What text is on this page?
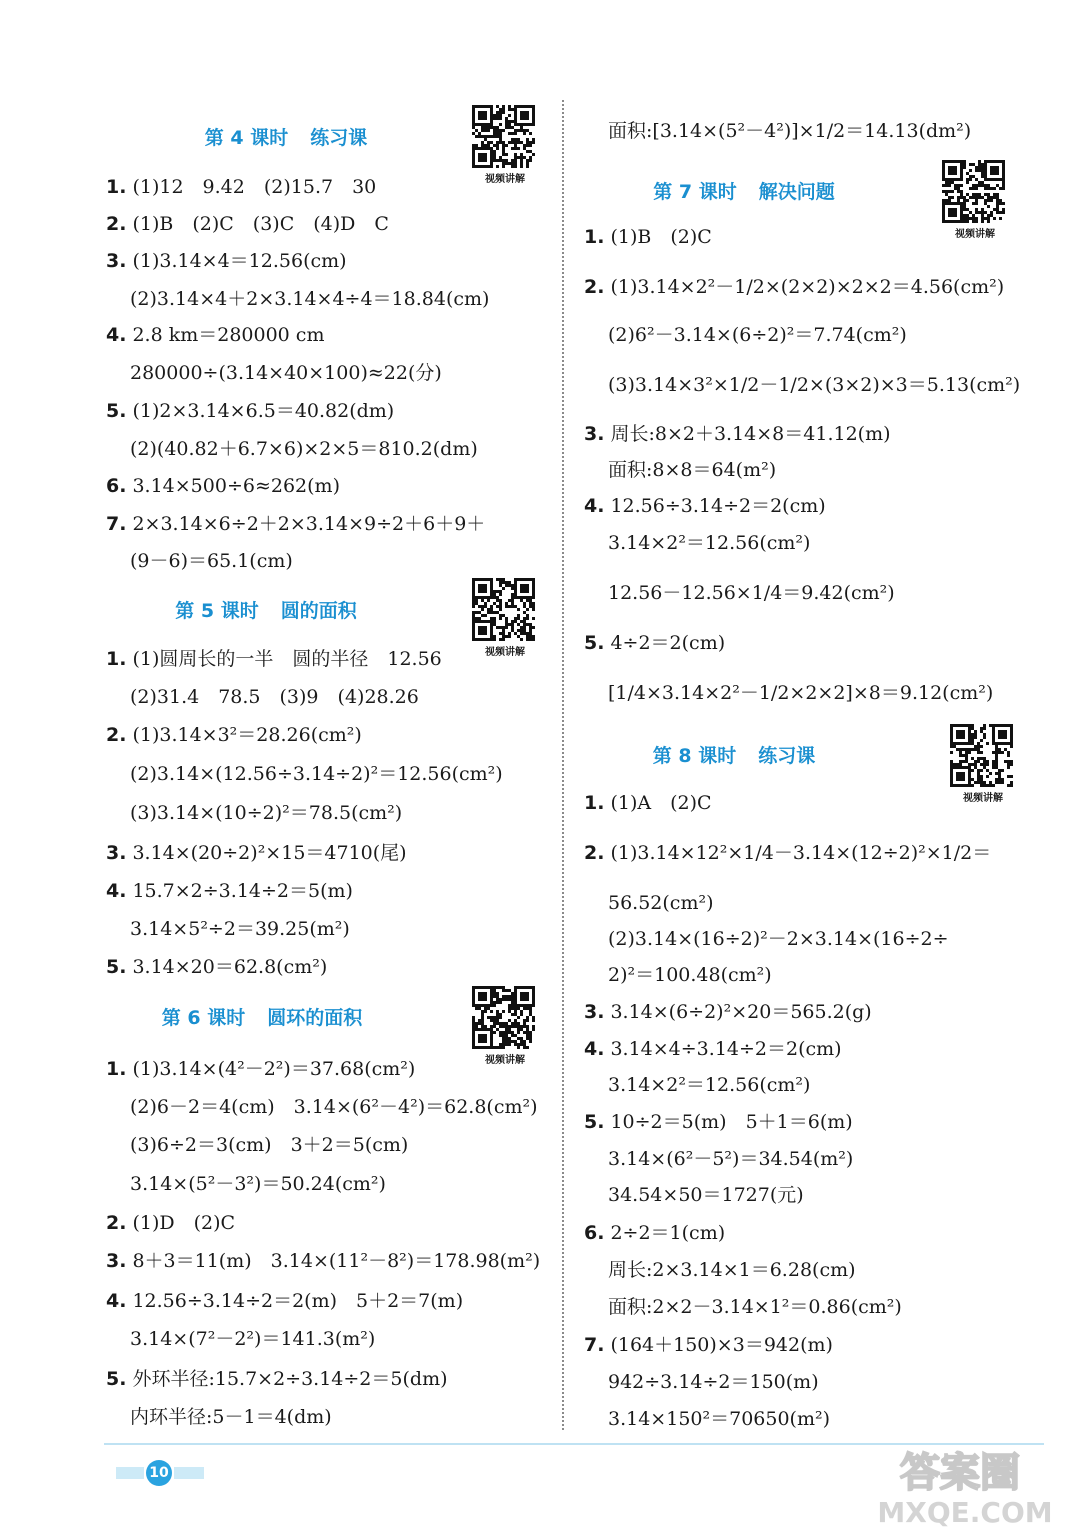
第 4 课时 练习课
1. (1)12　9.42　(2)15.7　30
2. (1)B　(2)C　(3)C　(4)D　C
3. (1)3.14×4＝12.56(cm)
(2)3.14×4＋2×3.14×4÷4＝18.84(cm)
4. 2.8 km＝280000 cm
280000÷(3.14×40×100)≈22(分)
5. (1)2×3.14×6.5＝40.82(dm)
(2)(40.82＋6.7×6)×2×5＝810.2(dm)
6. 3.14×500÷6≈262(m)
7. 2×3.14×6÷2＋2×3.14×9÷2＋6＋9＋
(9－6)＝65.1(cm)
第 5 课时 圆的面积
1. (1)圆周长的一半　圆的半径　12.56
(2)31.4　78.5　(3)9　(4)28.26
2. (1)3.14×3²＝28.26(cm²)
(2)3.14×(12.56÷3.14÷2)²＝12.56(cm²)
(3)3.14×(10÷2)²＝78.5(cm²)
3. 3.14×(20÷2)²×15＝4710(尾)
4. 15.7×2÷3.14÷2＝5(m)
3.14×5²÷2＝39.25(m²)
5. 3.14×20＝62.8(cm²)
第 6 课时 圆环的面积
1. (1)3.14×(4²－2²)＝37.68(cm²)
(2)6－2＝4(cm)　3.14×(6²－4²)＝62.8(cm²)
(3)6÷2＝3(cm)　3＋2＝5(cm)
3.14×(5²－3²)＝50.24(cm²)
2. (1)D　(2)C
3. 8＋3＝11(m)　3.14×(11²－8²)＝178.98(m²)
4. 12.56÷3.14÷2＝2(m)　5＋2＝7(m)
3.14×(7²－2²)＝141.3(m²)
5. 外环半径:15.7×2÷3.14÷2＝5(dm)
内环半径:5－1＝4(dm)
视频讲解
视频讲解
视频讲解
面积:[3.14×(5²－4²)]×1/2＝14.13(dm²)
第 7 课时 解决问题
1. (1)B　(2)C
2. (1)3.14×2²－1/2×(2×2)×2×2＝4.56(cm²)
(2)6²－3.14×(6÷2)²＝7.74(cm²)
(3)3.14×3²×1/2－1/2×(3×2)×3＝5.13(cm²)
3. 周长:8×2＋3.14×8＝41.12(m)
面积:8×8＝64(m²)
4. 12.56÷3.14÷2＝2(cm)
3.14×2²＝12.56(cm²)
12.56－12.56×1/4＝9.42(cm²)
5. 4÷2＝2(cm)
[1/4×3.14×2²－1/2×2×2]×8＝9.12(cm²)
第 8 课时 练习课
1. (1)A　(2)C
2. (1)3.14×12²×1/4－3.14×(12÷2)²×1/2＝
56.52(cm²)
(2)3.14×(16÷2)²－2×3.14×(16÷2÷
2)²＝100.48(cm²)
3. 3.14×(6÷2)²×20＝565.2(g)
4. 3.14×4÷3.14÷2＝2(cm)
3.14×2²＝12.56(cm²)
5. 10÷2＝5(m)　5＋1＝6(m)
3.14×(6²－5²)＝34.54(m²)
34.54×50＝1727(元)
6. 2÷2＝1(cm)
周长:2×3.14×1＝6.28(cm)
面积:2×2－3.14×1²＝0.86(cm²)
7. (164＋150)×3＝942(m)
942÷3.14÷2＝150(m)
3.14×150²＝70650(m²)
视频讲解
视频讲解
10	答案圈
MXQE.COM
